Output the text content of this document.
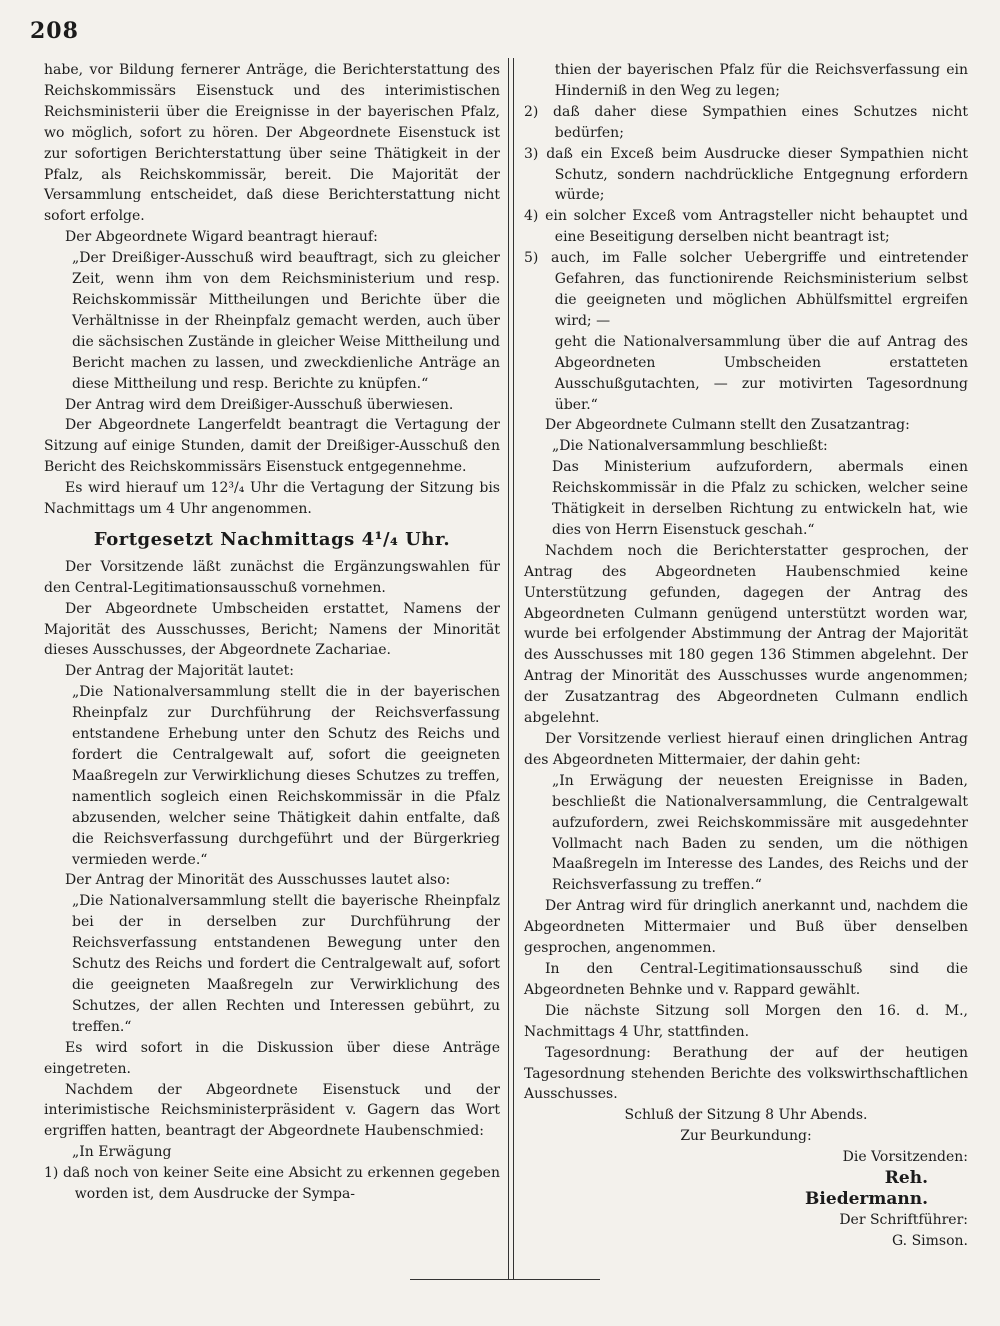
208

habe, vor Bildung fernerer Anträge, die Berichterstattung des Reichskommissärs Eisenstuck und des interimistischen Reichsministerii über die Ereignisse in der bayerischen Pfalz, wo möglich, sofort zu hören. Der Abgeordnete Eisenstuck ist zur sofortigen Berichterstattung über seine Thätigkeit in der Pfalz, als Reichskommissär, bereit. Die Majorität der Versammlung entscheidet, daß diese Berichterstattung nicht sofort erfolge.

Der Abgeordnete Wigard beantragt hierauf:

„Der Dreißiger-Ausschuß wird beauftragt, sich zu gleicher Zeit, wenn ihm von dem Reichsministerium und resp. Reichskommissär Mittheilungen und Berichte über die Verhältnisse in der Rheinpfalz gemacht werden, auch über die sächsischen Zustände in gleicher Weise Mittheilung und Bericht machen zu lassen, und zweckdienliche Anträge an diese Mittheilung und resp. Berichte zu knüpfen.“

Der Antrag wird dem Dreißiger-Ausschuß überwiesen.

Der Abgeordnete Langerfeldt beantragt die Vertagung der Sitzung auf einige Stunden, damit der Dreißiger-Ausschuß den Bericht des Reichskommissärs Eisenstuck entgegennehme.

Es wird hierauf um 12³/₄ Uhr die Vertagung der Sitzung bis Nachmittags um 4 Uhr angenommen.

Fortgesetzt Nachmittags 4¹/₄ Uhr.

Der Vorsitzende läßt zunächst die Ergänzungswahlen für den Central-Legitimationsausschuß vornehmen.

Der Abgeordnete Umbscheiden erstattet, Namens der Majorität des Ausschusses, Bericht; Namens der Minorität dieses Ausschusses, der Abgeordnete Zachariae.

Der Antrag der Majorität lautet:

„Die Nationalversammlung stellt die in der bayerischen Rheinpfalz zur Durchführung der Reichsverfassung entstandene Erhebung unter den Schutz des Reichs und fordert die Centralgewalt auf, sofort die geeigneten Maaßregeln zur Verwirklichung dieses Schutzes zu treffen, namentlich sogleich einen Reichskommissär in die Pfalz abzusenden, welcher seine Thätigkeit dahin entfalte, daß die Reichsverfassung durchgeführt und der Bürgerkrieg vermieden werde.“

Der Antrag der Minorität des Ausschusses lautet also:

„Die Nationalversammlung stellt die bayerische Rheinpfalz bei der in derselben zur Durchführung der Reichsverfassung entstandenen Bewegung unter den Schutz des Reichs und fordert die Centralgewalt auf, sofort die geeigneten Maaßregeln zur Verwirklichung des Schutzes, der allen Rechten und Interessen gebührt, zu treffen.“

Es wird sofort in die Diskussion über diese Anträge eingetreten.

Nachdem der Abgeordnete Eisenstuck und der interimistische Reichsministerpräsident v. Gagern das Wort ergriffen hatten, beantragt der Abgeordnete Haubenschmied:

„In Erwägung

1) daß noch von keiner Seite eine Absicht zu erkennen gegeben worden ist, dem Ausdrucke der Sympa-

thien der bayerischen Pfalz für die Reichsverfassung ein Hinderniß in den Weg zu legen;

2) daß daher diese Sympathien eines Schutzes nicht bedürfen;

3) daß ein Exceß beim Ausdrucke dieser Sympathien nicht Schutz, sondern nachdrückliche Entgegnung erfordern würde;

4) ein solcher Exceß vom Antragsteller nicht behauptet und eine Beseitigung derselben nicht beantragt ist;

5) auch, im Falle solcher Uebergriffe und eintretender Gefahren, das functionirende Reichsministerium selbst die geeigneten und möglichen Abhülfsmittel ergreifen wird; —

geht die Nationalversammlung über die auf Antrag des Abgeordneten Umbscheiden erstatteten Ausschußgutachten, — zur motivirten Tagesordnung über.“

Der Abgeordnete Culmann stellt den Zusatzantrag:

„Die Nationalversammlung beschließt:

Das Ministerium aufzufordern, abermals einen Reichskommissär in die Pfalz zu schicken, welcher seine Thätigkeit in derselben Richtung zu entwickeln hat, wie dies von Herrn Eisenstuck geschah.“

Nachdem noch die Berichterstatter gesprochen, der Antrag des Abgeordneten Haubenschmied keine Unterstützung gefunden, dagegen der Antrag des Abgeordneten Culmann genügend unterstützt worden war, wurde bei erfolgender Abstimmung der Antrag der Majorität des Ausschusses mit 180 gegen 136 Stimmen abgelehnt. Der Antrag der Minorität des Ausschusses wurde angenommen; der Zusatzantrag des Abgeordneten Culmann endlich abgelehnt.

Der Vorsitzende verliest hierauf einen dringlichen Antrag des Abgeordneten Mittermaier, der dahin geht:

„In Erwägung der neuesten Ereignisse in Baden, beschließt die Nationalversammlung, die Centralgewalt aufzufordern, zwei Reichskommissäre mit ausgedehnter Vollmacht nach Baden zu senden, um die nöthigen Maaßregeln im Interesse des Landes, des Reichs und der Reichsverfassung zu treffen.“

Der Antrag wird für dringlich anerkannt und, nachdem die Abgeordneten Mittermaier und Buß über denselben gesprochen, angenommen.

In den Central-Legitimationsausschuß sind die Abgeordneten Behnke und v. Rappard gewählt.

Die nächste Sitzung soll Morgen den 16. d. M., Nachmittags 4 Uhr, stattfinden.

Tagesordnung: Berathung der auf der heutigen Tagesordnung stehenden Berichte des volkswirthschaftlichen Ausschusses.

Schluß der Sitzung 8 Uhr Abends.

Zur Beurkundung:

Die Vorsitzenden:

Reh.

Biedermann.

Der Schriftführer:

G. Simson.
